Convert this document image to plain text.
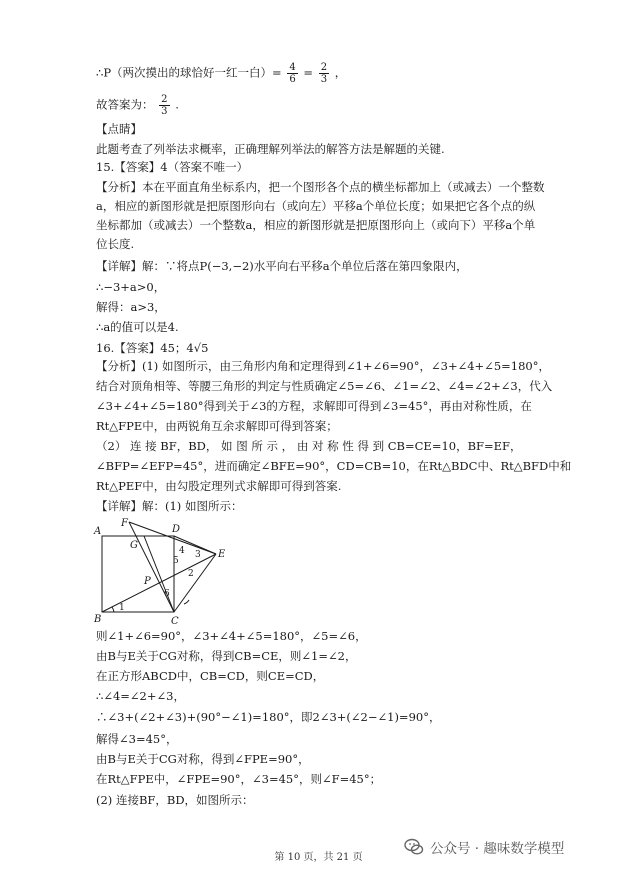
∴P（两次摸出的球恰好一红一白）= $\frac{4}{6} = \frac{2}{3}$ ，
故答案为： $\frac{2}{3}$ .
【点睛】
此题考查了列举法求概率，正确理解列举法的解答方法是解题的关键.
15.【答案】4（答案不唯一）
【分析】本在平面直角坐标系内，把一个图形各个点的横坐标都加上（或减去）一个整数
a，相应的新图形就是把原图形向右（或向左）平移a个单位长度；如果把它各个点的纵
坐标都加（或减去）一个整数a，相应的新图形就是把原图形向上（或向下）平移a个单
位长度.
【详解】解：∵将点P(−3,−2)水平向右平移a个单位后落在第四象限内，
∴−3+a>0，
解得：a>3，
∴a的值可以是4.
16.【答案】45；4√5
【分析】(1) 如图所示，由三角形内角和定理得到∠1+∠6=90°，∠3+∠4+∠5=180°，
结合对顶角相等、等腰三角形的判定与性质确定∠5=∠6、∠1=∠2、∠4=∠2+∠3，代入
∠3+∠4+∠5=180°得到关于∠3的方程，求解即可得到∠3=45°，再由对称性质，在
Rt△FPE中，由两锐角互余求解即可得到答案；
（2） 连 接 BF，BD， 如 图 所 示 ， 由 对 称 性 得 到 CB=CE=10，BF=EF，
∠BFP=∠EFP=45°，进而确定∠BFE=90°，CD=CB=10，在Rt△BDC中、Rt△BFD中和
Rt△PEF中，由勾股定理列式求解即可得到答案.
【详解】解：(1) 如图所示：
A
B	C
D
E
F
G
P
1
2
3
4
5
6
则∠1+∠6=90°，∠3+∠4+∠5=180°，∠5=∠6，
由B与E关于CG对称，得到CB=CE，则∠1=∠2，
在正方形ABCD中，CB=CD，则CE=CD，
∴∠4=∠2+∠3，
∴∠3+(∠2+∠3)+(90°−∠1)=180°，即2∠3+(∠2−∠1)=90°，
解得∠3=45°，
由B与E关于CG对称，得到∠FPE=90°，
在Rt△FPE中，∠FPE=90°，∠3=45°，则∠F=45°；
(2) 连接BF，BD，如图所示：
公众号 · 趣味数学模型
第 10 页，共 21 页
